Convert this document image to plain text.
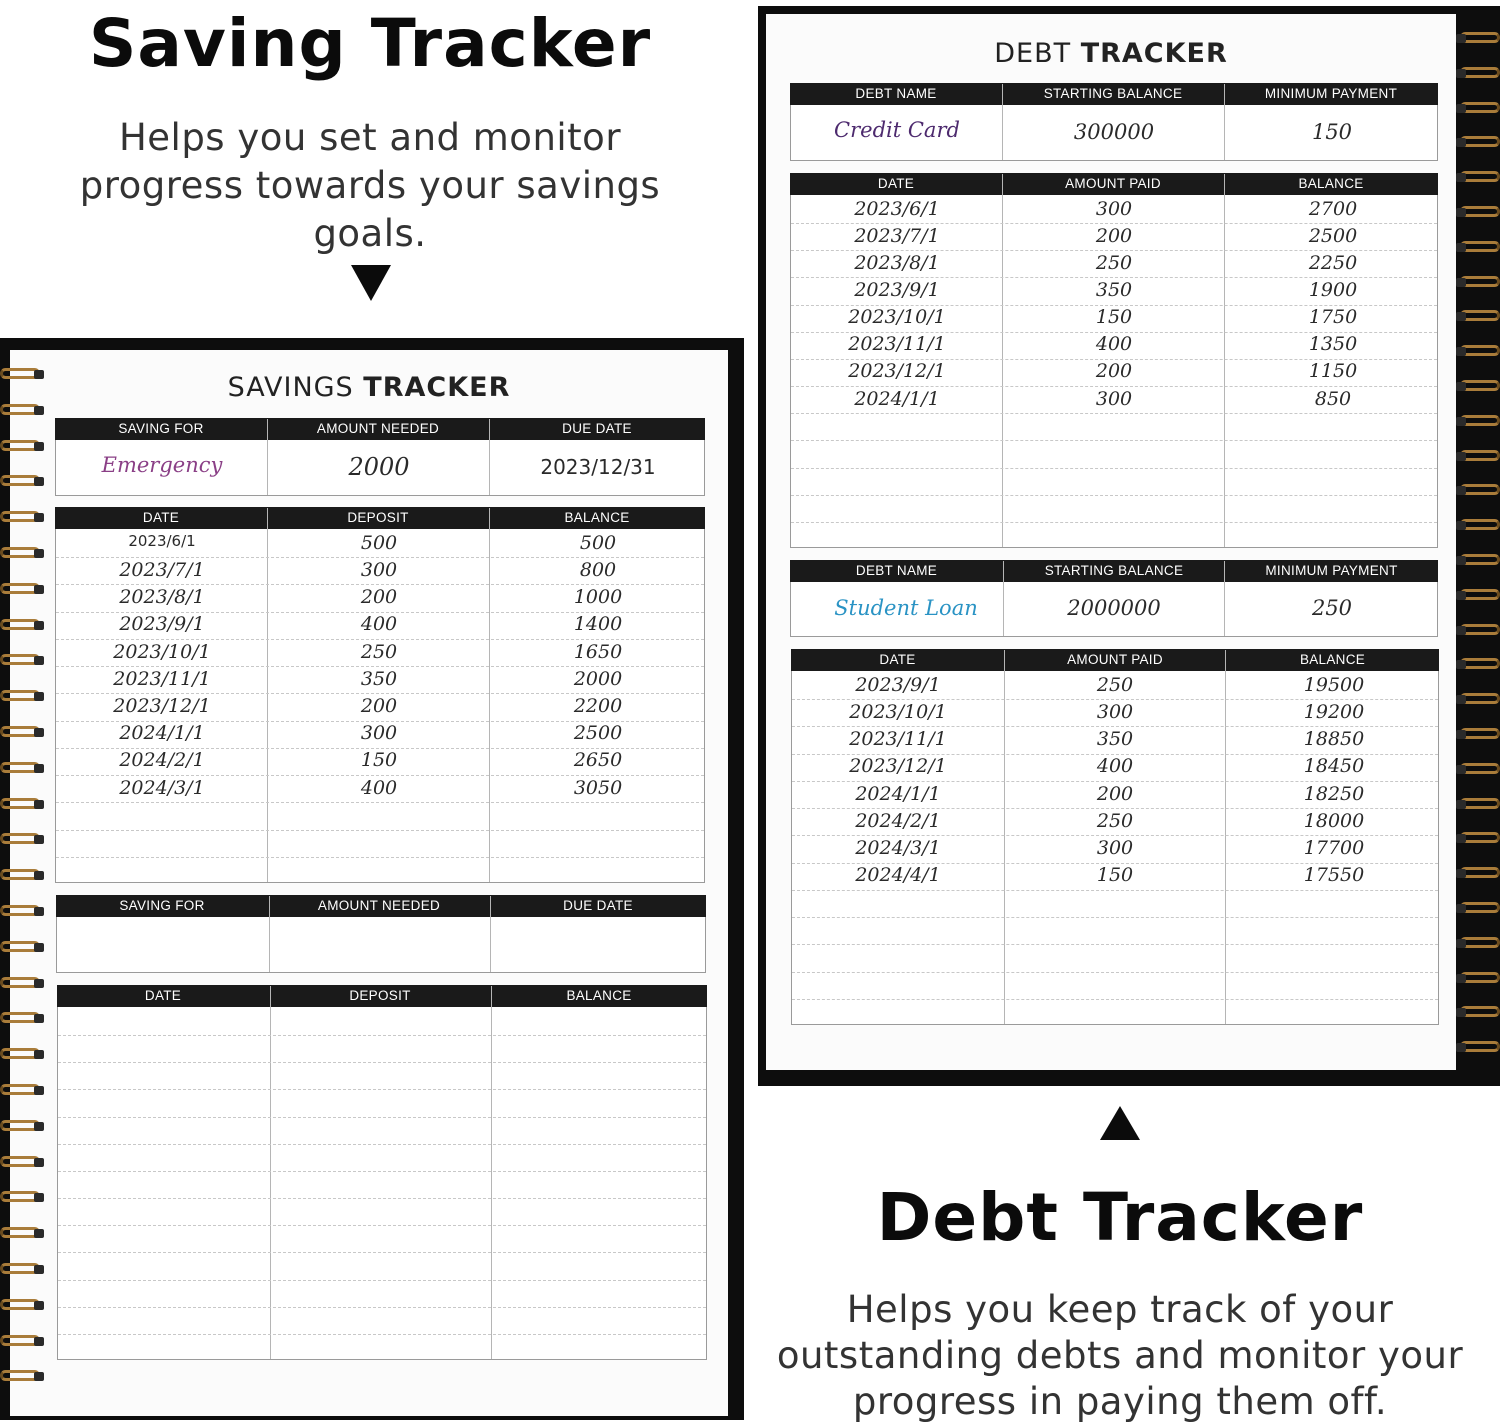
Saving Tracker
Helps you set and monitor
progress towards your savings goals.
SAVINGS TRACKER
SAVING FOR	AMOUNT NEEDED	DUE DATE
Emergency	2000	2023/12/31
DATE	DEPOSIT	BALANCE
2023/6/1	500	500
2023/7/1	300	800
2023/8/1	200	1000
2023/9/1	400	1400
2023/10/1	250	1650
2023/11/1	350	2000
2023/12/1	200	2200
2024/1/1	300	2500
2024/2/1	150	2650
2024/3/1	400	3050
SAVING FOR	AMOUNT NEEDED	DUE DATE
DATE	DEPOSIT	BALANCE
DEBT TRACKER
DEBT NAME	STARTING BALANCE	MINIMUM PAYMENT
Credit Card	300000	150
DATE	AMOUNT PAID	BALANCE
2023/6/1	300	2700
2023/7/1	200	2500
2023/8/1	250	2250
2023/9/1	350	1900
2023/10/1	150	1750
2023/11/1	400	1350
2023/12/1	200	1150
2024/1/1	300	850
DEBT NAME	STARTING BALANCE	MINIMUM PAYMENT
Student Loan	2000000	250
DATE	AMOUNT PAID	BALANCE
2023/9/1	250	19500
2023/10/1	300	19200
2023/11/1	350	18850
2023/12/1	400	18450
2024/1/1	200	18250
2024/2/1	250	18000
2024/3/1	300	17700
2024/4/1	150	17550
Debt Tracker
Helps you keep track of your
outstanding debts and monitor your
progress in paying them off.
